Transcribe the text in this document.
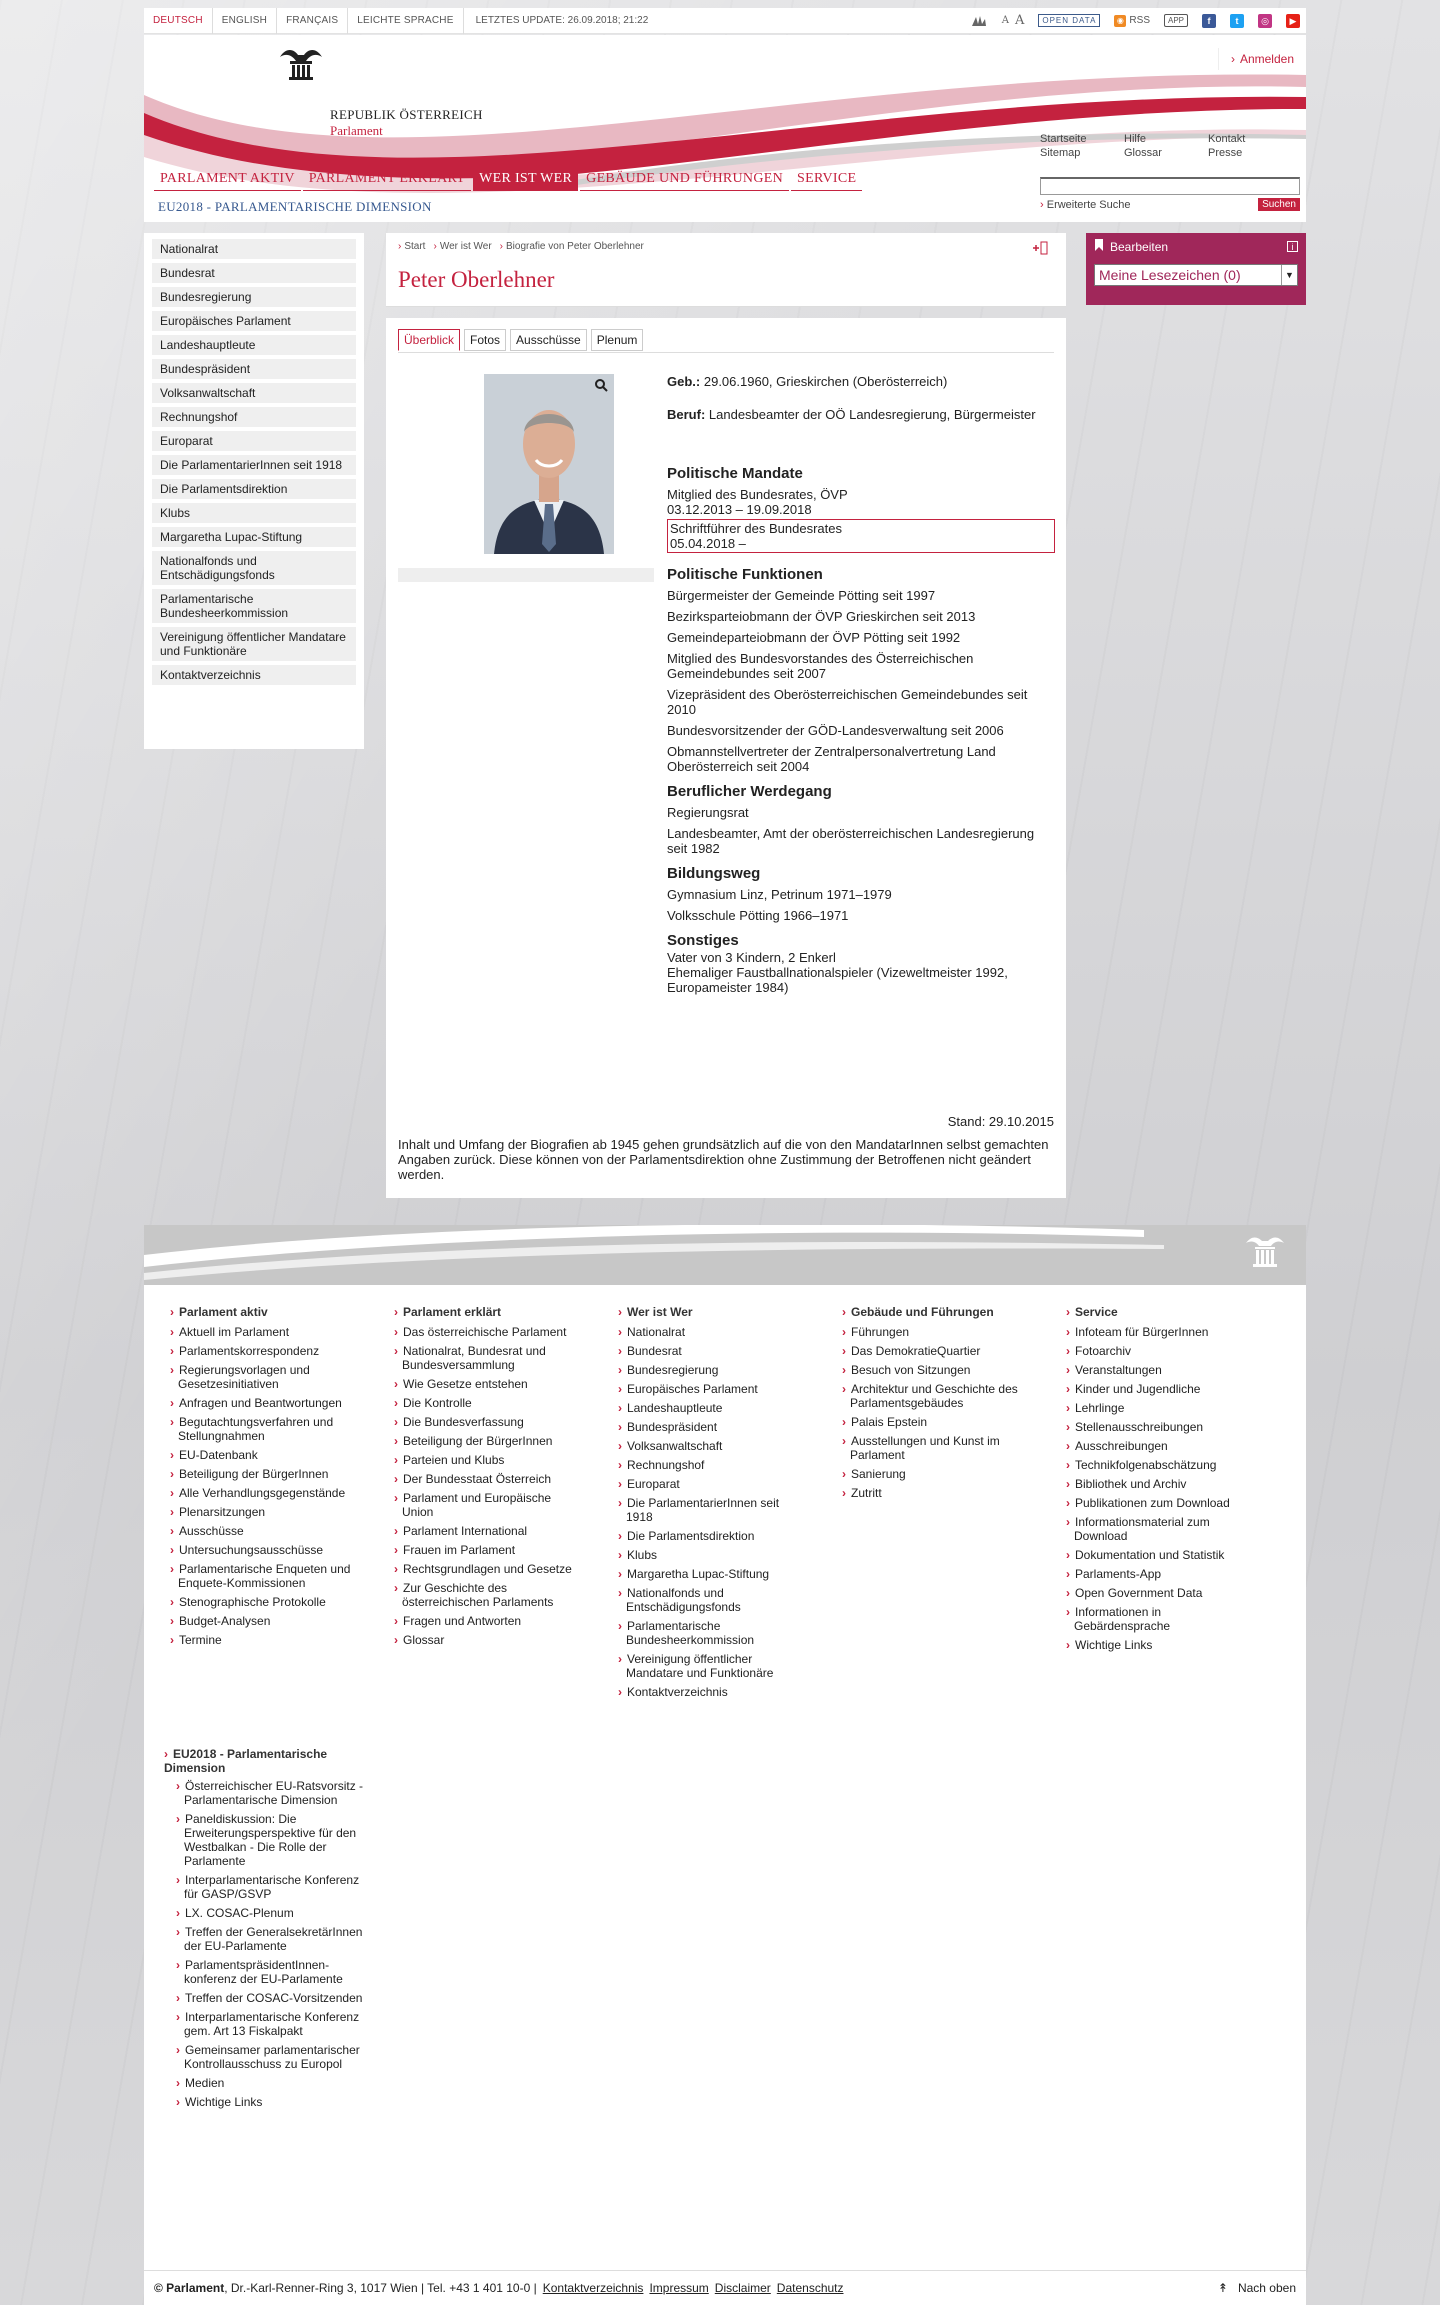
DEUTSCH	ENGLISH	FRANÇAIS	LEICHTE SPRACHE	LETZTES UPDATE: 26.09.2018; 21:22	A A	OPEN DATA	◉ RSS	APP	f	t	◎	▶
REPUBLIK ÖSTERREICH
Parlament
› Anmelden
Startseite	Hilfe	Kontakt
Sitemap	Glossar	Presse
PARLAMENT AKTIV	PARLAMENT ERKLÄRT	WER IST WER	GEBÄUDE UND FÜHRUNGEN	SERVICE
EU2018 - PARLAMENTARISCHE DIMENSION	› Erweiterte Suche	Suchen
Nationalrat
Bundesrat
Bundesregierung
Europäisches Parlament
Landeshauptleute
Bundespräsident
Volksanwaltschaft
Rechnungshof
Europarat
Die ParlamentarierInnen seit 1918
Die Parlamentsdirektion
Klubs
Margaretha Lupac-Stiftung
Nationalfonds und Entschädigungsfonds
Parlamentarische Bundesheerkommission
Vereinigung öffentlicher Mandatare und Funktionäre
Kontaktverzeichnis
› Start	› Wer ist Wer	› Biografie von Peter Oberlehner
Peter Oberlehner
Überblick	Fotos	Ausschüsse	Plenum
Geb.: 29.06.1960, Grieskirchen (Oberösterreich)
Beruf: Landesbeamter der OÖ Landesregierung, Bürgermeister
Politische Mandate
Mitglied des Bundesrates, ÖVP
03.12.2013 – 19.09.2018
Schriftführer des Bundesrates
05.04.2018 –
Politische Funktionen
Bürgermeister der Gemeinde Pötting seit 1997
Bezirksparteiobmann der ÖVP Grieskirchen seit 2013
Gemeindeparteiobmann der ÖVP Pötting seit 1992
Mitglied des Bundesvorstandes des Österreichischen Gemeindebundes seit 2007
Vizepräsident des Oberösterreichischen Gemeindebundes seit 2010
Bundesvorsitzender der GÖD-Landesverwaltung seit 2006
Obmannstellvertreter der Zentralpersonalvertretung Land Oberösterreich seit 2004
Beruflicher Werdegang
Regierungsrat
Landesbeamter, Amt der oberösterreichischen Landesregierung seit 1982
Bildungsweg
Gymnasium Linz, Petrinum 1971–1979
Volksschule Pötting 1966–1971
Sonstiges
Vater von 3 Kindern, 2 Enkerl
Ehemaliger Faustballnationalspieler (Vizeweltmeister 1992, Europameister 1984)
Stand: 29.10.2015
Inhalt und Umfang der Biografien ab 1945 gehen grundsätzlich auf die von den MandatarInnen selbst gemachten Angaben zurück. Diese können von der Parlamentsdirektion ohne Zustimmung der Betroffenen nicht geändert werden.
Bearbeiten	i
Meine Lesezeichen (0)	▼
› Parlament aktiv
› Aktuell im Parlament
› Parlamentskorrespondenz
› Regierungsvorlagen und Gesetzesinitiativen
› Anfragen und Beantwortungen
› Begutachtungsverfahren und Stellungnahmen
› EU-Datenbank
› Beteiligung der BürgerInnen
› Alle Verhandlungsgegenstände
› Plenarsitzungen
› Ausschüsse
› Untersuchungsausschüsse
› Parlamentarische Enqueten und Enquete-Kommissionen
› Stenographische Protokolle
› Budget-Analysen
› Termine
› Parlament erklärt
› Das österreichische Parlament
› Nationalrat, Bundesrat und Bundesversammlung
› Wie Gesetze entstehen
› Die Kontrolle
› Die Bundesverfassung
› Beteiligung der BürgerInnen
› Parteien und Klubs
› Der Bundesstaat Österreich
› Parlament und Europäische Union
› Parlament International
› Frauen im Parlament
› Rechtsgrundlagen und Gesetze
› Zur Geschichte des österreichischen Parlaments
› Fragen und Antworten
› Glossar
› Wer ist Wer
› Nationalrat
› Bundesrat
› Bundesregierung
› Europäisches Parlament
› Landeshauptleute
› Bundespräsident
› Volksanwaltschaft
› Rechnungshof
› Europarat
› Die ParlamentarierInnen seit 1918
› Die Parlamentsdirektion
› Klubs
› Margaretha Lupac-Stiftung
› Nationalfonds und Entschädigungsfonds
› Parlamentarische Bundesheerkommission
› Vereinigung öffentlicher Mandatare und Funktionäre
› Kontaktverzeichnis
› Gebäude und Führungen
› Führungen
› Das DemokratieQuartier
› Besuch von Sitzungen
› Architektur und Geschichte des Parlamentsgebäudes
› Palais Epstein
› Ausstellungen und Kunst im Parlament
› Sanierung
› Zutritt
› Service
› Infoteam für BürgerInnen
› Fotoarchiv
› Veranstaltungen
› Kinder und Jugendliche
› Lehrlinge
› Stellenausschreibungen
› Ausschreibungen
› Technikfolgenabschätzung
› Bibliothek und Archiv
› Publikationen zum Download
› Informationsmaterial zum Download
› Dokumentation und Statistik
› Parlaments-App
› Open Government Data
› Informationen in Gebärdensprache
› Wichtige Links
› EU2018 - Parlamentarische Dimension
› Österreichischer EU-Ratsvorsitz - Parlamentarische Dimension
› Paneldiskussion: Die Erweiterungsperspektive für den Westbalkan - Die Rolle der Parlamente
› Interparlamentarische Konferenz für GASP/GSVP
› LX. COSAC-Plenum
› Treffen der GeneralsekretärInnen der EU-Parlamente
› ParlamentspräsidentInnen-konferenz der EU-Parlamente
› Treffen der COSAC-Vorsitzenden
› Interparlamentarische Konferenz gem. Art 13 Fiskalpakt
› Gemeinsamer parlamentarischer Kontrollausschuss zu Europol
› Medien
› Wichtige Links
© Parlament, Dr.-Karl-Renner-Ring 3, 1017 Wien | Tel. +43 1 401 10-0 | Kontaktverzeichnis Impressum Disclaimer Datenschutz	↟ Nach oben
